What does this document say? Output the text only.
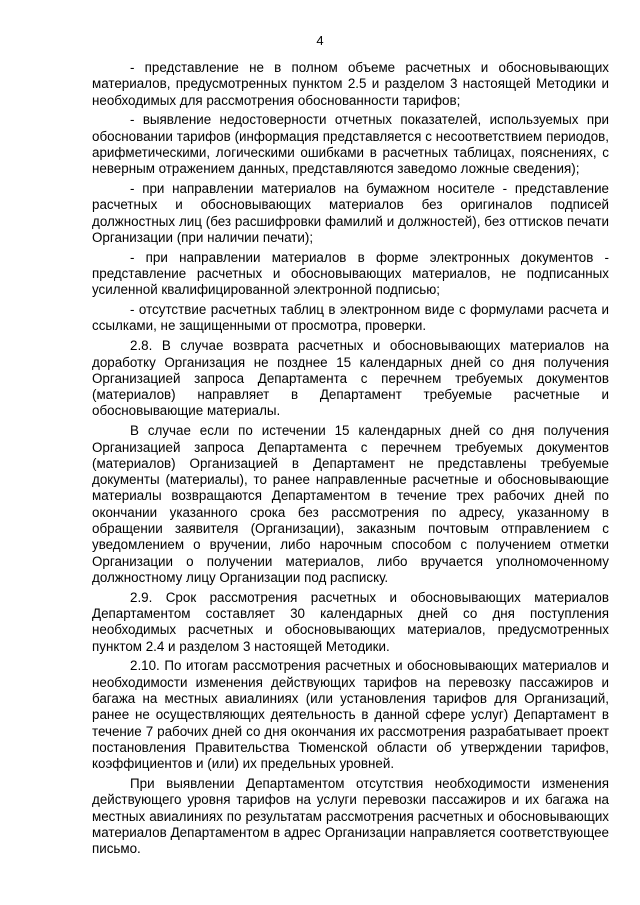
4

- представление не в полном объеме расчетных и обосновывающих материалов, предусмотренных пунктом 2.5 и разделом 3 настоящей Методики и необходимых для рассмотрения обоснованности тарифов;

- выявление недостоверности отчетных показателей, используемых при обосновании тарифов (информация представляется с несоответствием периодов, арифметическими, логическими ошибками в расчетных таблицах, пояснениях, с неверным отражением данных, представляются заведомо ложные сведения);

- при направлении материалов на бумажном носителе - представление расчетных и обосновывающих материалов без оригиналов подписей должностных лиц (без расшифровки фамилий и должностей), без оттисков печати Организации (при наличии печати);

- при направлении материалов в форме электронных документов - представление расчетных и обосновывающих материалов, не подписанных усиленной квалифицированной электронной подписью;

- отсутствие расчетных таблиц в электронном виде с формулами расчета и ссылками, не защищенными от просмотра, проверки.

2.8. В случае возврата расчетных и обосновывающих материалов на доработку Организация не позднее 15 календарных дней со дня получения Организацией запроса Департамента с перечнем требуемых документов (материалов) направляет в Департамент требуемые расчетные и обосновывающие материалы.

В случае если по истечении 15 календарных дней со дня получения Организацией запроса Департамента с перечнем требуемых документов (материалов) Организацией в Департамент не представлены требуемые документы (материалы), то ранее направленные расчетные и обосновывающие материалы возвращаются Департаментом в течение трех рабочих дней по окончании указанного срока без рассмотрения по адресу, указанному в обращении заявителя (Организации), заказным почтовым отправлением с уведомлением о вручении, либо нарочным способом с получением отметки Организации о получении материалов, либо вручается уполномоченному должностному лицу Организации под расписку.

2.9. Срок рассмотрения расчетных и обосновывающих материалов Департаментом составляет 30 календарных дней со дня поступления необходимых расчетных и обосновывающих материалов, предусмотренных пунктом 2.4 и разделом 3 настоящей Методики.

2.10. По итогам рассмотрения расчетных и обосновывающих материалов и необходимости изменения действующих тарифов на перевозку пассажиров и багажа на местных авиалиниях (или установления тарифов для Организаций, ранее не осуществляющих деятельность в данной сфере услуг) Департамент в течение 7 рабочих дней со дня окончания их рассмотрения разрабатывает проект постановления Правительства Тюменской области об утверждении тарифов, коэффициентов и (или) их предельных уровней.

При выявлении Департаментом отсутствия необходимости изменения действующего уровня тарифов на услуги перевозки пассажиров и их багажа на местных авиалиниях по результатам рассмотрения расчетных и обосновывающих материалов Департаментом в адрес Организации направляется соответствующее письмо.
